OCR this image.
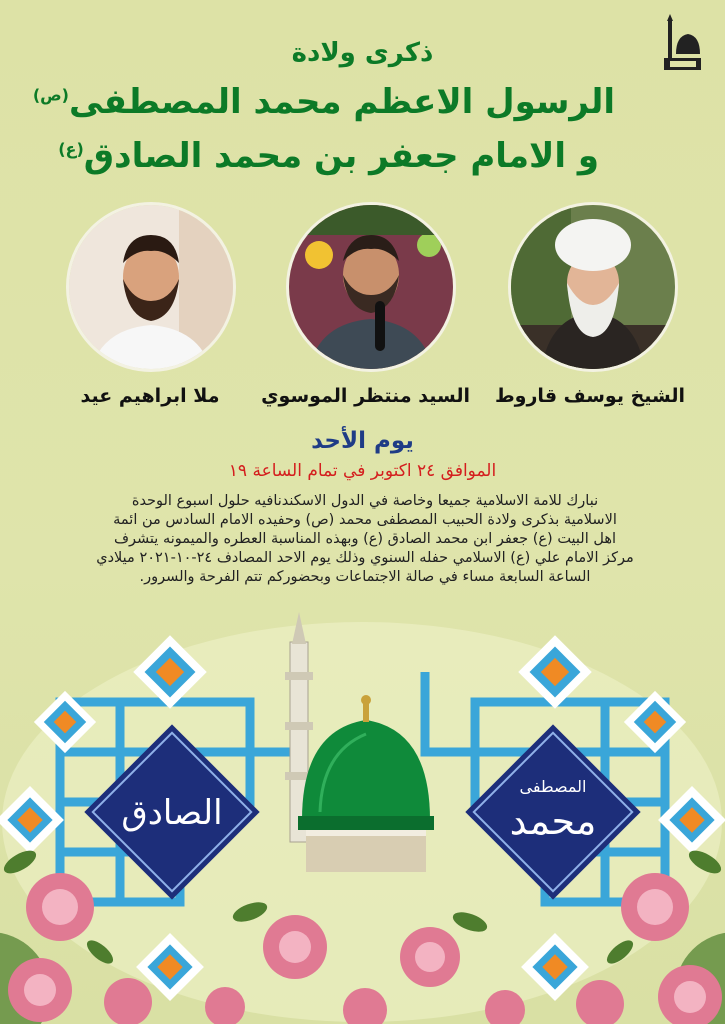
ذكرى ولادة
الرسول الاعظم محمد المصطفى$^{(ص)}$
و الامام جعفر بن محمد الصادق$^{(ع)}$
الشيخ يوسف قاروط
السيد منتظر الموسوي
ملا ابراهيم عيد
يوم الأحد
الموافق ٢٤ اكتوبر في تمام الساعة ١٩
نبارك للامة الاسلامية جميعا وخاصة في الدول الاسكندنافيه حلول اسبوع الوحدة
الاسلامية بذكرى ولادة الحبيب المصطفى محمد (ص) وحفيده الامام السادس من ائمة
اهل البيت (ع) جعفر ابن محمد الصادق (ع) وبهذه المناسبة العطره والميمونه يتشرف
مركز الامام علي (ع) الاسلامي حفله السنوي وذلك يوم الاحد المصادف ٢٤-١٠-٢٠٢١ ميلادي
الساعة السابعة مساء في صالة الاجتماعات وبحضوركم تتم الفرحة والسرور.
الصادق
المصطفى
محمد
